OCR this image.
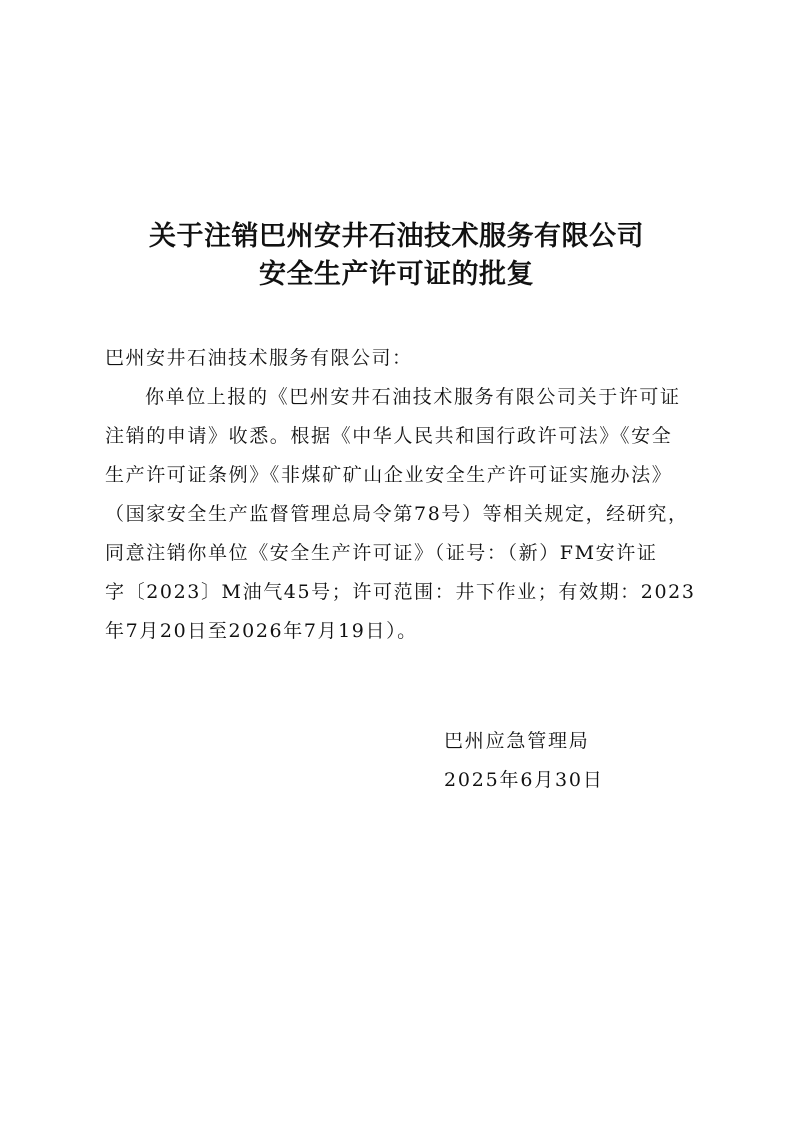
关于注销巴州安井石油技术服务有限公司
安全生产许可证的批复
巴州安井石油技术服务有限公司：
你单位上报的《巴州安井石油技术服务有限公司关于许可证
注销的申请》收悉。根据《中华人民共和国行政许可法》《安全
生产许可证条例》《非煤矿矿山企业安全生产许可证实施办法》
（国家安全生产监督管理总局令第78号）等相关规定，经研究，
同意注销你单位《安全生产许可证》（证号：（新）FM安许证
字〔2023〕M油气45号；许可范围：井下作业；有效期：2023
年7月20日至2026年7月19日）。
巴州应急管理局
2025年6月30日
